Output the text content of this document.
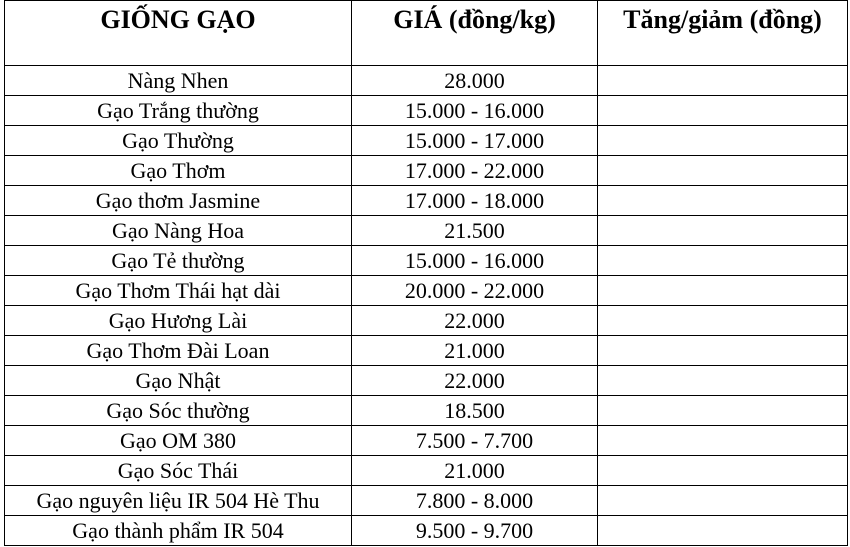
GIỐNG GẠO	GIÁ (đồng/kg)	Tăng/giảm (đồng)
Nàng Nhen	28.000	
Gạo Trắng thường	15.000 - 16.000	
Gạo Thường	15.000 - 17.000	
Gạo Thơm	17.000 - 22.000	
Gạo thơm Jasmine	17.000 - 18.000	
Gạo Nàng Hoa	21.500	
Gạo Tẻ thường	15.000 - 16.000	
Gạo Thơm Thái hạt dài	20.000 - 22.000	
Gạo Hương Lài	22.000	
Gạo Thơm Đài Loan	21.000	
Gạo Nhật	22.000	
Gạo Sóc thường	18.500	
Gạo OM 380	7.500 - 7.700	
Gạo Sóc Thái	21.000	
Gạo nguyên liệu IR 504 Hè Thu	7.800 - 8.000	
Gạo thành phẩm IR 504	9.500 - 9.700	
